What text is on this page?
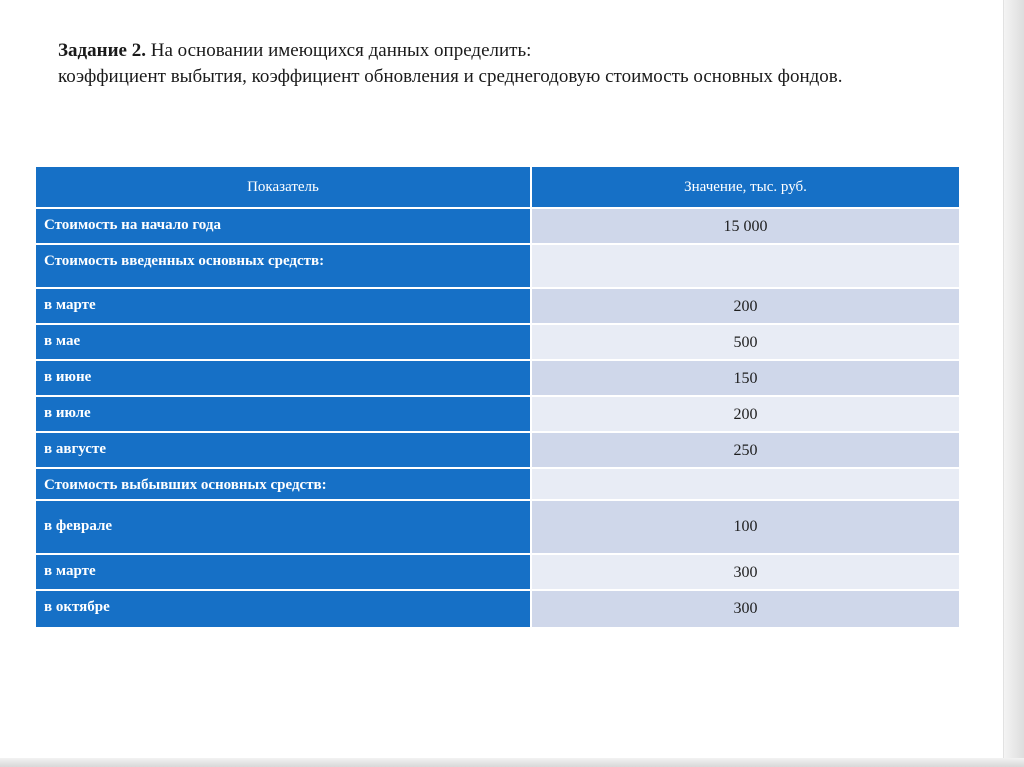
Задание 2. На основании имеющихся данных определить:
коэффициент выбытия, коэффициент обновления и среднегодовую стоимость основных фондов.
Показатель	Значение, тыс. руб.
Стоимость на начало года	15 000
Стоимость введенных основных средств:	
в марте	200
в мае	500
в июне	150
в июле	200
в августе	250
Стоимость выбывших основных средств:	
в феврале	100
в марте	300
в октябре	300
